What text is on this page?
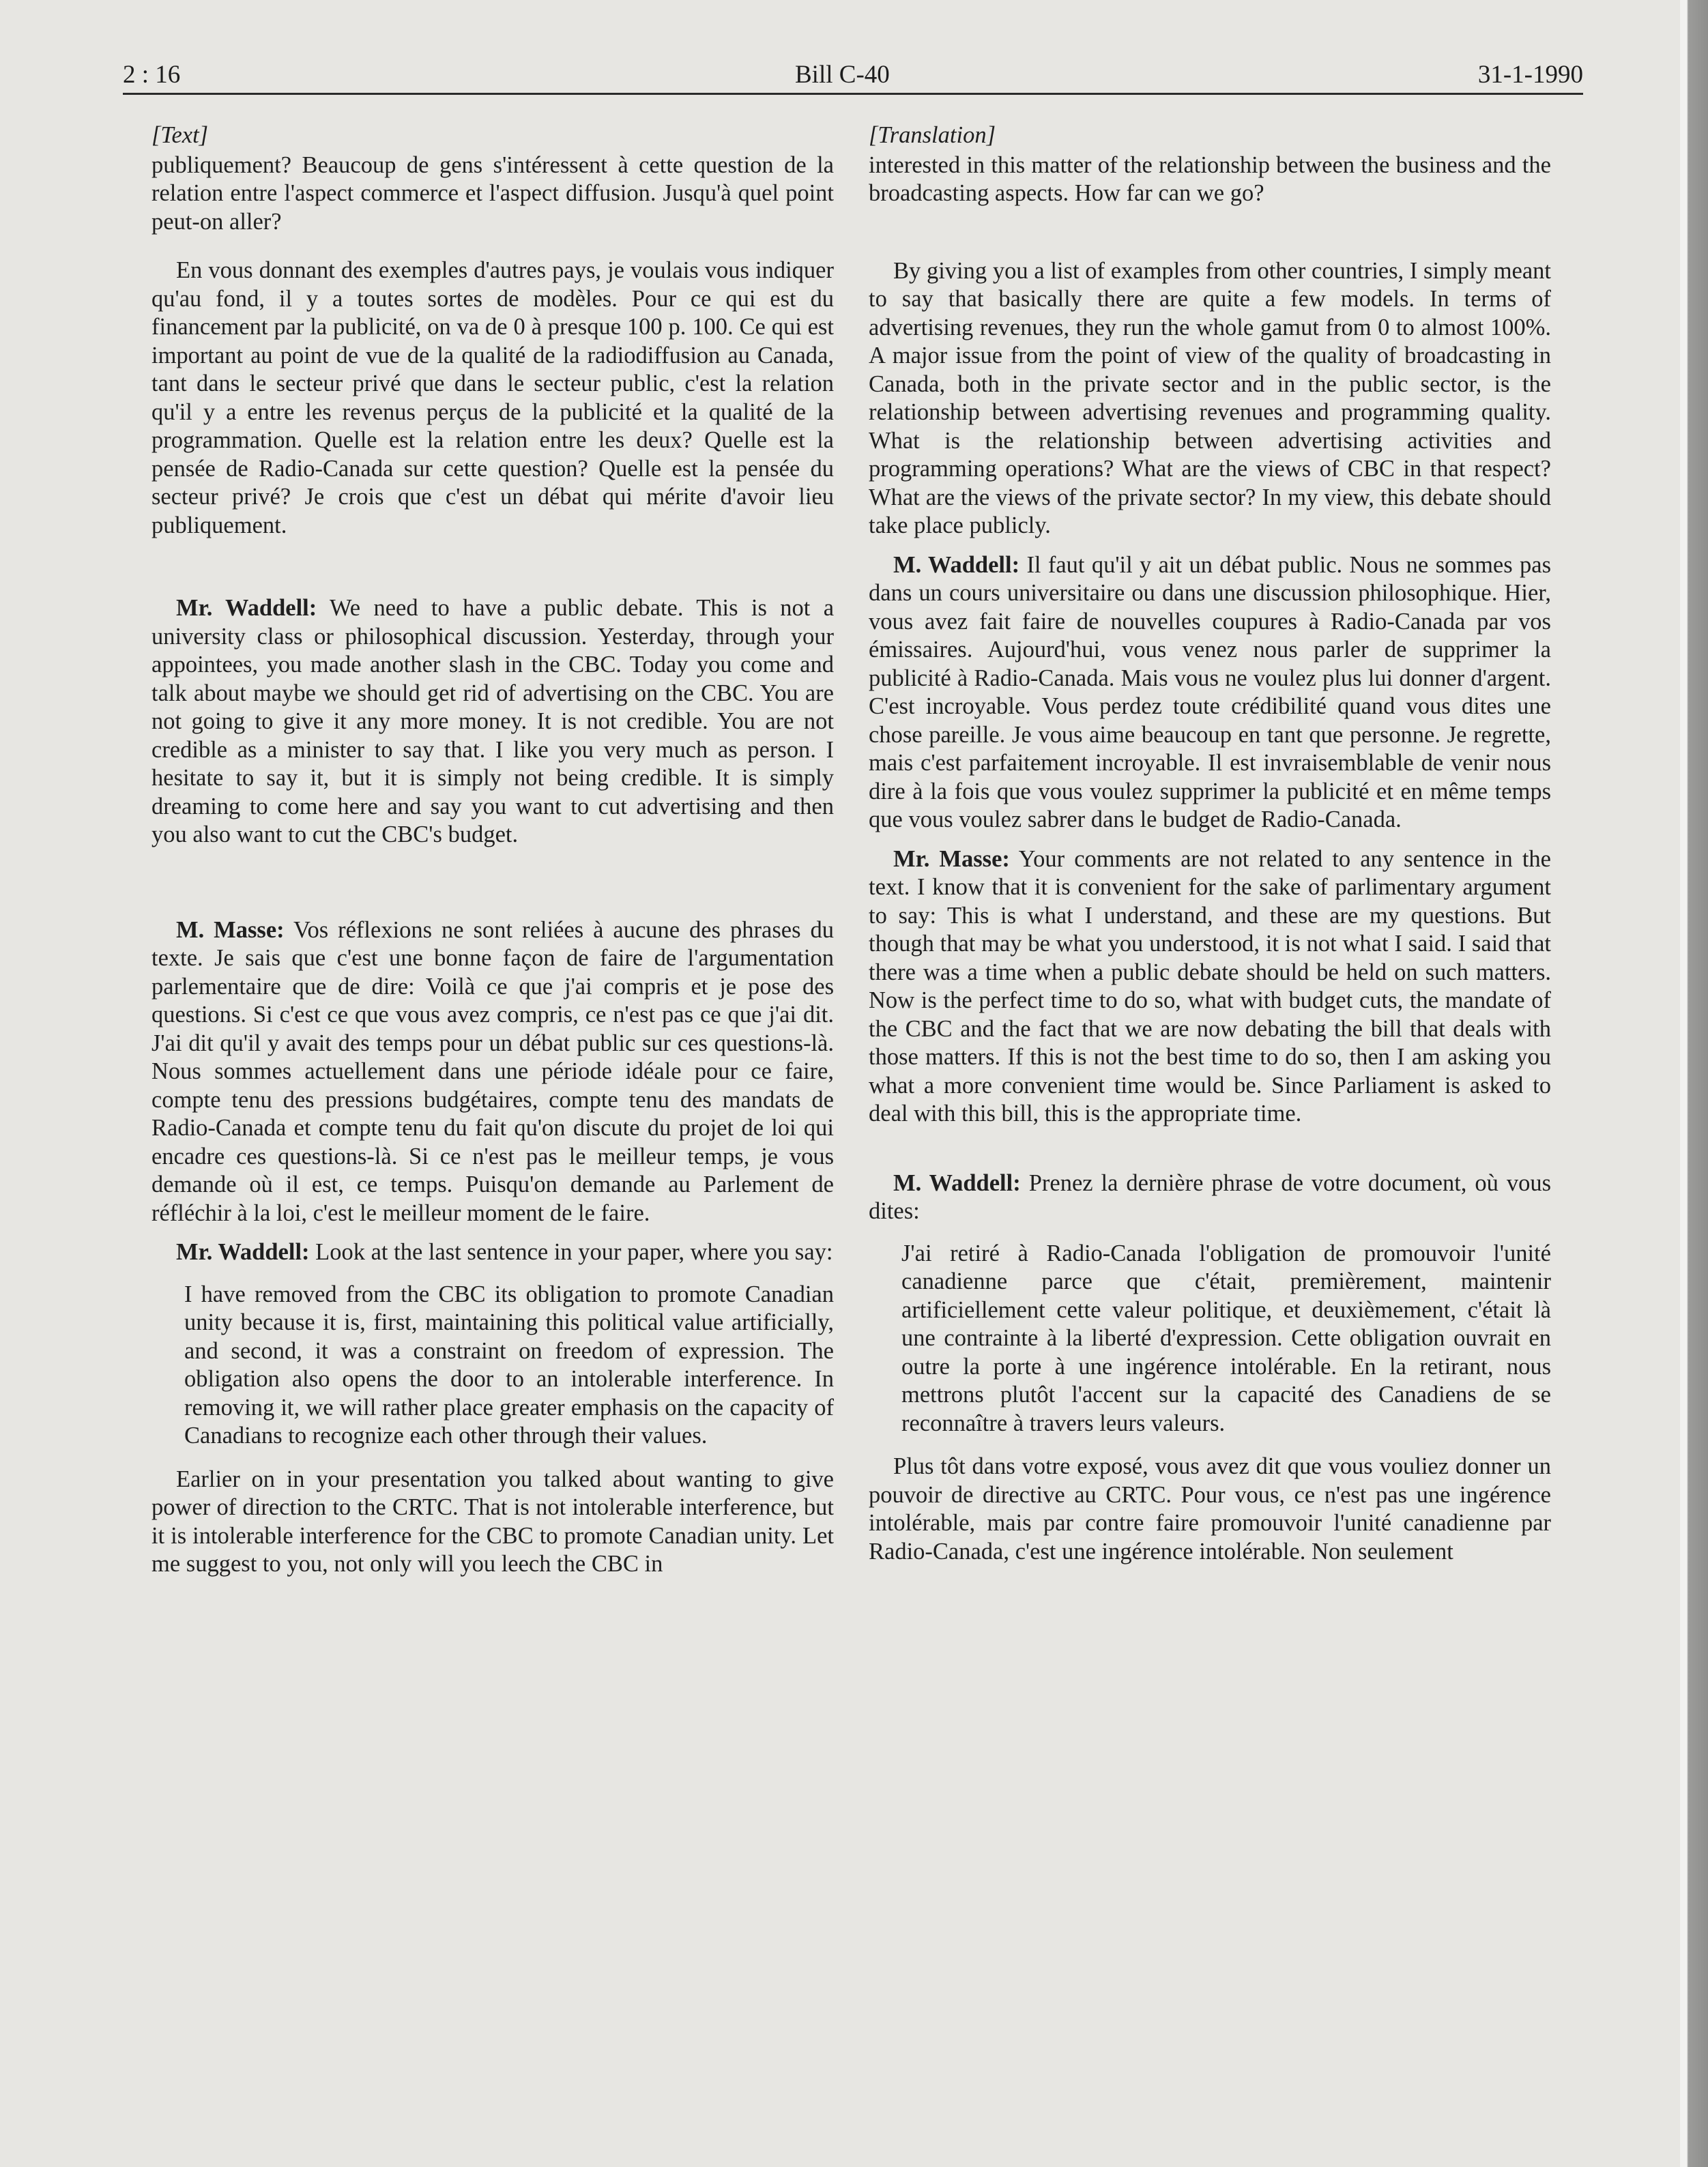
2 : 16	Bill C-40	31-1-1990
[Text]

publiquement? Beaucoup de gens s'intéressent à cette question de la relation entre l'aspect commerce et l'aspect diffusion. Jusqu'à quel point peut-on aller?

En vous donnant des exemples d'autres pays, je voulais vous indiquer qu'au fond, il y a toutes sortes de modèles. Pour ce qui est du financement par la publicité, on va de 0 à presque 100 p. 100. Ce qui est important au point de vue de la qualité de la radiodiffusion au Canada, tant dans le secteur privé que dans le secteur public, c'est la relation qu'il y a entre les revenus perçus de la publicité et la qualité de la programmation. Quelle est la relation entre les deux? Quelle est la pensée de Radio-Canada sur cette question? Quelle est la pensée du secteur privé? Je crois que c'est un débat qui mérite d'avoir lieu publiquement.

Mr. Waddell: We need to have a public debate. This is not a university class or philosophical discussion. Yesterday, through your appointees, you made another slash in the CBC. Today you come and talk about maybe we should get rid of advertising on the CBC. You are not going to give it any more money. It is not credible. You are not credible as a minister to say that. I like you very much as person. I hesitate to say it, but it is simply not being credible. It is simply dreaming to come here and say you want to cut advertising and then you also want to cut the CBC's budget.

M. Masse: Vos réflexions ne sont reliées à aucune des phrases du texte. Je sais que c'est une bonne façon de faire de l'argumentation parlementaire que de dire: Voilà ce que j'ai compris et je pose des questions. Si c'est ce que vous avez compris, ce n'est pas ce que j'ai dit. J'ai dit qu'il y avait des temps pour un débat public sur ces questions-là. Nous sommes actuellement dans une période idéale pour ce faire, compte tenu des pressions budgétaires, compte tenu des mandats de Radio-Canada et compte tenu du fait qu'on discute du projet de loi qui encadre ces questions-là. Si ce n'est pas le meilleur temps, je vous demande où il est, ce temps. Puisqu'on demande au Parlement de réfléchir à la loi, c'est le meilleur moment de le faire.

Mr. Waddell: Look at the last sentence in your paper, where you say:

I have removed from the CBC its obligation to promote Canadian unity because it is, first, maintaining this political value artificially, and second, it was a constraint on freedom of expression. The obligation also opens the door to an intolerable interference. In removing it, we will rather place greater emphasis on the capacity of Canadians to recognize each other through their values.

Earlier on in your presentation you talked about wanting to give power of direction to the CRTC. That is not intolerable interference, but it is intolerable interference for the CBC to promote Canadian unity. Let me suggest to you, not only will you leech the CBC in

[Translation]

interested in this matter of the relationship between the business and the broadcasting aspects. How far can we go?

By giving you a list of examples from other countries, I simply meant to say that basically there are quite a few models. In terms of advertising revenues, they run the whole gamut from 0 to almost 100%. A major issue from the point of view of the quality of broadcasting in Canada, both in the private sector and in the public sector, is the relationship between advertising revenues and programming quality. What is the relationship between advertising activities and programming operations? What are the views of CBC in that respect? What are the views of the private sector? In my view, this debate should take place publicly.

M. Waddell: Il faut qu'il y ait un débat public. Nous ne sommes pas dans un cours universitaire ou dans une discussion philosophique. Hier, vous avez fait faire de nouvelles coupures à Radio-Canada par vos émissaires. Aujourd'hui, vous venez nous parler de supprimer la publicité à Radio-Canada. Mais vous ne voulez plus lui donner d'argent. C'est incroyable. Vous perdez toute crédibilité quand vous dites une chose pareille. Je vous aime beaucoup en tant que personne. Je regrette, mais c'est parfaitement incroyable. Il est invraisemblable de venir nous dire à la fois que vous voulez supprimer la publicité et en même temps que vous voulez sabrer dans le budget de Radio-Canada.

Mr. Masse: Your comments are not related to any sentence in the text. I know that it is convenient for the sake of parlimentary argument to say: This is what I understand, and these are my questions. But though that may be what you understood, it is not what I said. I said that there was a time when a public debate should be held on such matters. Now is the perfect time to do so, what with budget cuts, the mandate of the CBC and the fact that we are now debating the bill that deals with those matters. If this is not the best time to do so, then I am asking you what a more convenient time would be. Since Parliament is asked to deal with this bill, this is the appropriate time.

M. Waddell: Prenez la dernière phrase de votre document, où vous dites:

J'ai retiré à Radio-Canada l'obligation de promouvoir l'unité canadienne parce que c'était, premièrement, maintenir artificiellement cette valeur politique, et deuxièmement, c'était là une contrainte à la liberté d'expression. Cette obligation ouvrait en outre la porte à une ingérence intolérable. En la retirant, nous mettrons plutôt l'accent sur la capacité des Canadiens de se reconnaître à travers leurs valeurs.

Plus tôt dans votre exposé, vous avez dit que vous vouliez donner un pouvoir de directive au CRTC. Pour vous, ce n'est pas une ingérence intolérable, mais par contre faire promouvoir l'unité canadienne par Radio-Canada, c'est une ingérence intolérable. Non seulement
